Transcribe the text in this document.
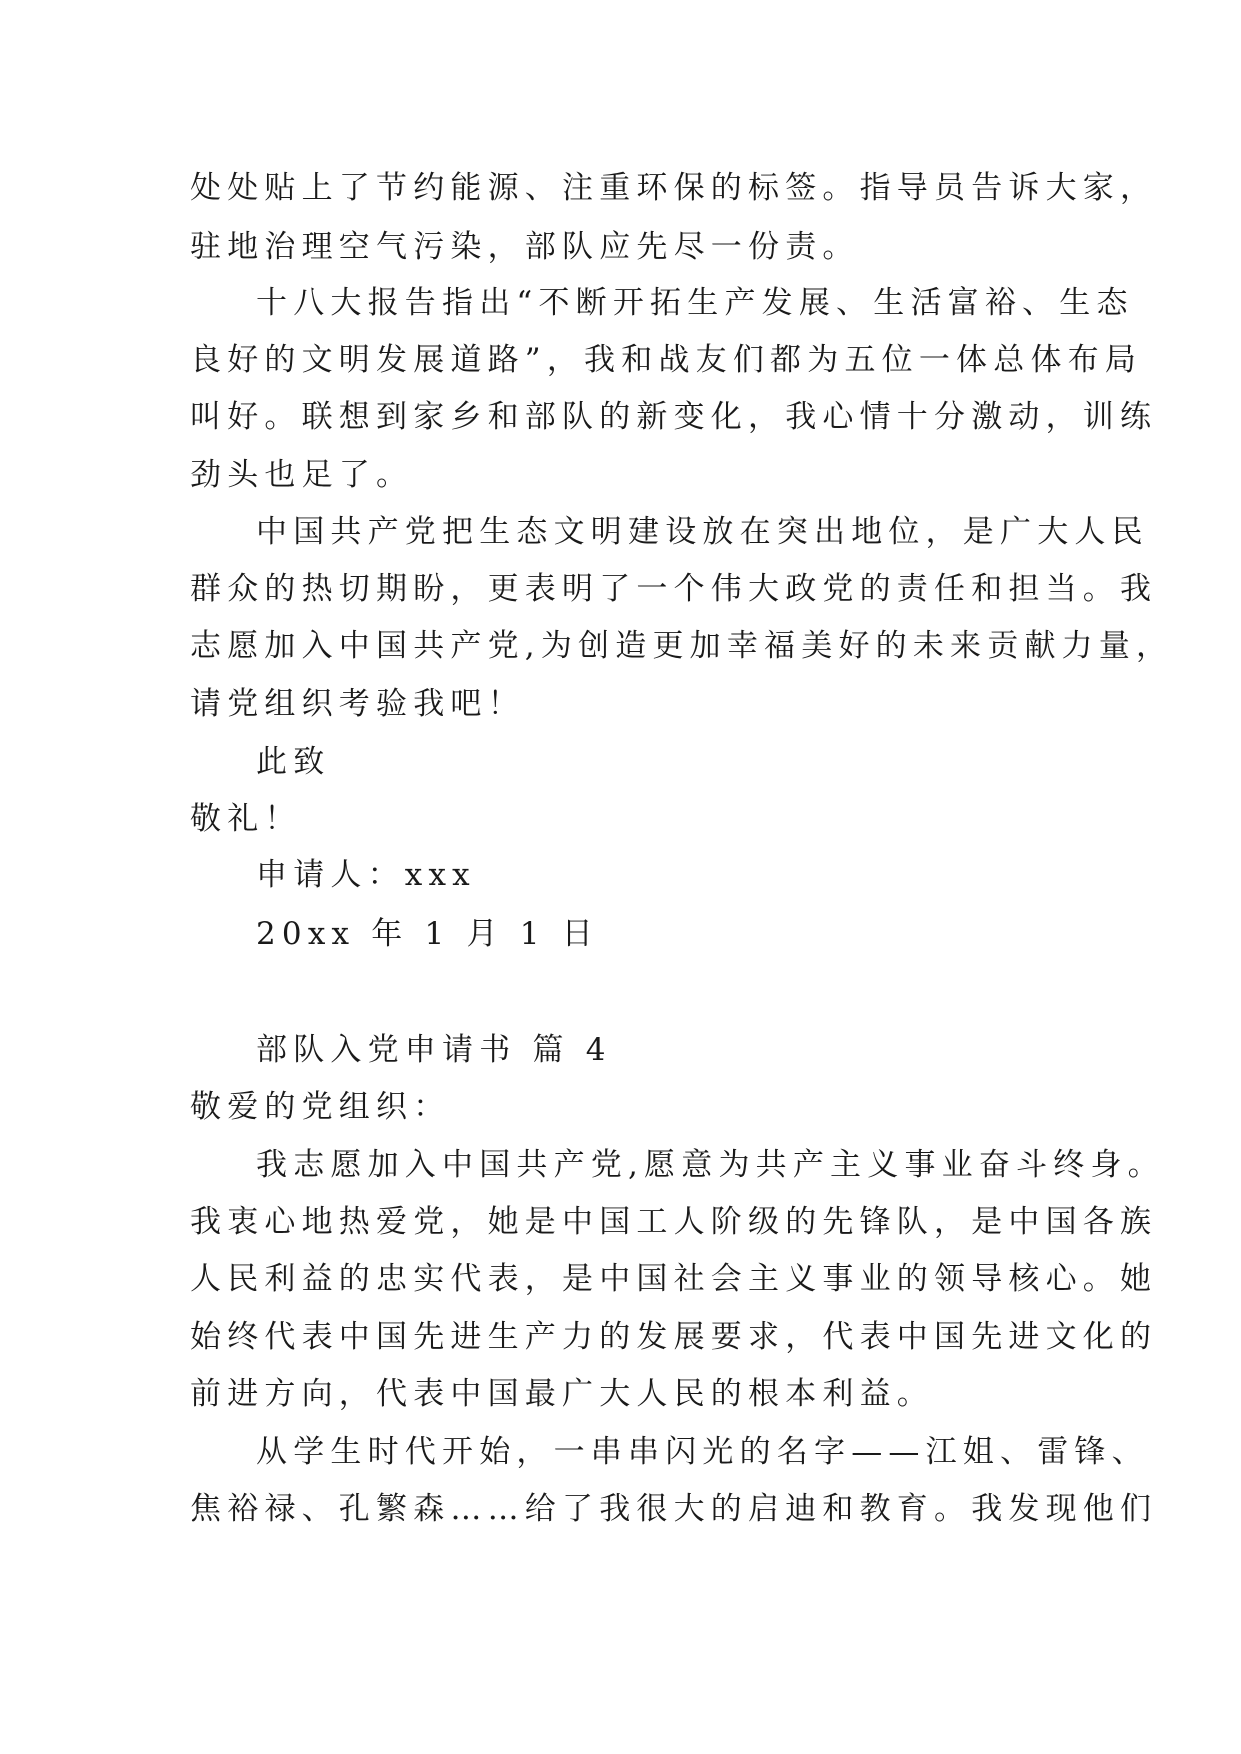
处处贴上了节约能源、注重环保的标签。指导员告诉大家，
驻地治理空气污染，部队应先尽一份责。
十八大报告指出“不断开拓生产发展、生活富裕、生态
良好的文明发展道路”，我和战友们都为五位一体总体布局
叫好。联想到家乡和部队的新变化，我心情十分激动，训练
劲头也足了。
中国共产党把生态文明建设放在突出地位，是广大人民
群众的热切期盼，更表明了一个伟大政党的责任和担当。我
志愿加入中国共产党,为创造更加幸福美好的未来贡献力量，
请党组织考验我吧！
此致
敬礼！
申请人：xxx
20xx 年 1 月 1 日
部队入党申请书 篇 4
敬爱的党组织：
我志愿加入中国共产党,愿意为共产主义事业奋斗终身。
我衷心地热爱党，她是中国工人阶级的先锋队，是中国各族
人民利益的忠实代表，是中国社会主义事业的领导核心。她
始终代表中国先进生产力的发展要求，代表中国先进文化的
前进方向，代表中国最广大人民的根本利益。
从学生时代开始，一串串闪光的名字——江姐、雷锋、
焦裕禄、孔繁森……给了我很大的启迪和教育。我发现他们
